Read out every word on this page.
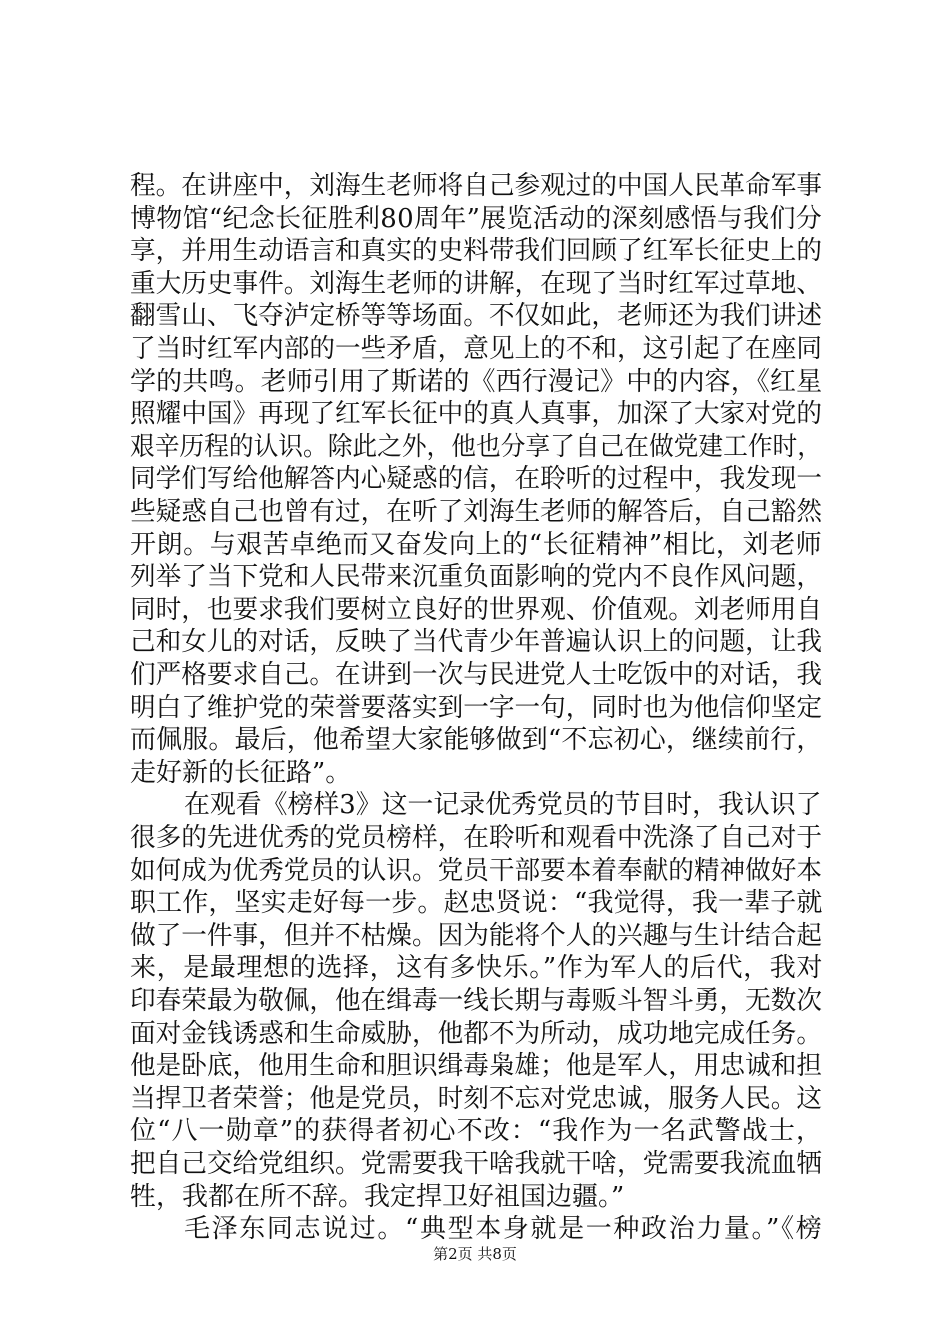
程。在讲座中，刘海生老师将自己参观过的中国人民革命军事
博物馆“纪念长征胜利80周年”展览活动的深刻感悟与我们分
享，并用生动语言和真实的史料带我们回顾了红军长征史上的
重大历史事件。刘海生老师的讲解，在现了当时红军过草地、
翻雪山、飞夺泸定桥等等场面。不仅如此，老师还为我们讲述
了当时红军内部的一些矛盾，意见上的不和，这引起了在座同
学的共鸣。老师引用了斯诺的《西行漫记》中的内容，《红星
照耀中国》再现了红军长征中的真人真事，加深了大家对党的
艰辛历程的认识。除此之外，他也分享了自己在做党建工作时，
同学们写给他解答内心疑惑的信，在聆听的过程中，我发现一
些疑惑自己也曾有过，在听了刘海生老师的解答后，自己豁然
开朗。与艰苦卓绝而又奋发向上的“长征精神”相比，刘老师
列举了当下党和人民带来沉重负面影响的党内不良作风问题，
同时，也要求我们要树立良好的世界观、价值观。刘老师用自
己和女儿的对话，反映了当代青少年普遍认识上的问题，让我
们严格要求自己。在讲到一次与民进党人士吃饭中的对话，我
明白了维护党的荣誉要落实到一字一句，同时也为他信仰坚定
而佩服。最后，他希望大家能够做到“不忘初心，继续前行，
走好新的长征路”。
在观看《榜样3》这一记录优秀党员的节目时，我认识了
很多的先进优秀的党员榜样，在聆听和观看中洗涤了自己对于
如何成为优秀党员的认识。党员干部要本着奉献的精神做好本
职工作，坚实走好每一步。赵忠贤说：“我觉得，我一辈子就
做了一件事，但并不枯燥。因为能将个人的兴趣与生计结合起
来，是最理想的选择，这有多快乐。”作为军人的后代，我对
印春荣最为敬佩，他在缉毒一线长期与毒贩斗智斗勇，无数次
面对金钱诱惑和生命威胁，他都不为所动，成功地完成任务。
他是卧底，他用生命和胆识缉毒枭雄；他是军人，用忠诚和担
当捍卫者荣誉；他是党员，时刻不忘对党忠诚，服务人民。这
位“八一勋章”的获得者初心不改：“我作为一名武警战士，
把自己交给党组织。党需要我干啥我就干啥，党需要我流血牺
牲，我都在所不辞。我定捍卫好祖国边疆。”
毛泽东同志说过。“典型本身就是一种政治力量。”《榜
第2页 共8页
